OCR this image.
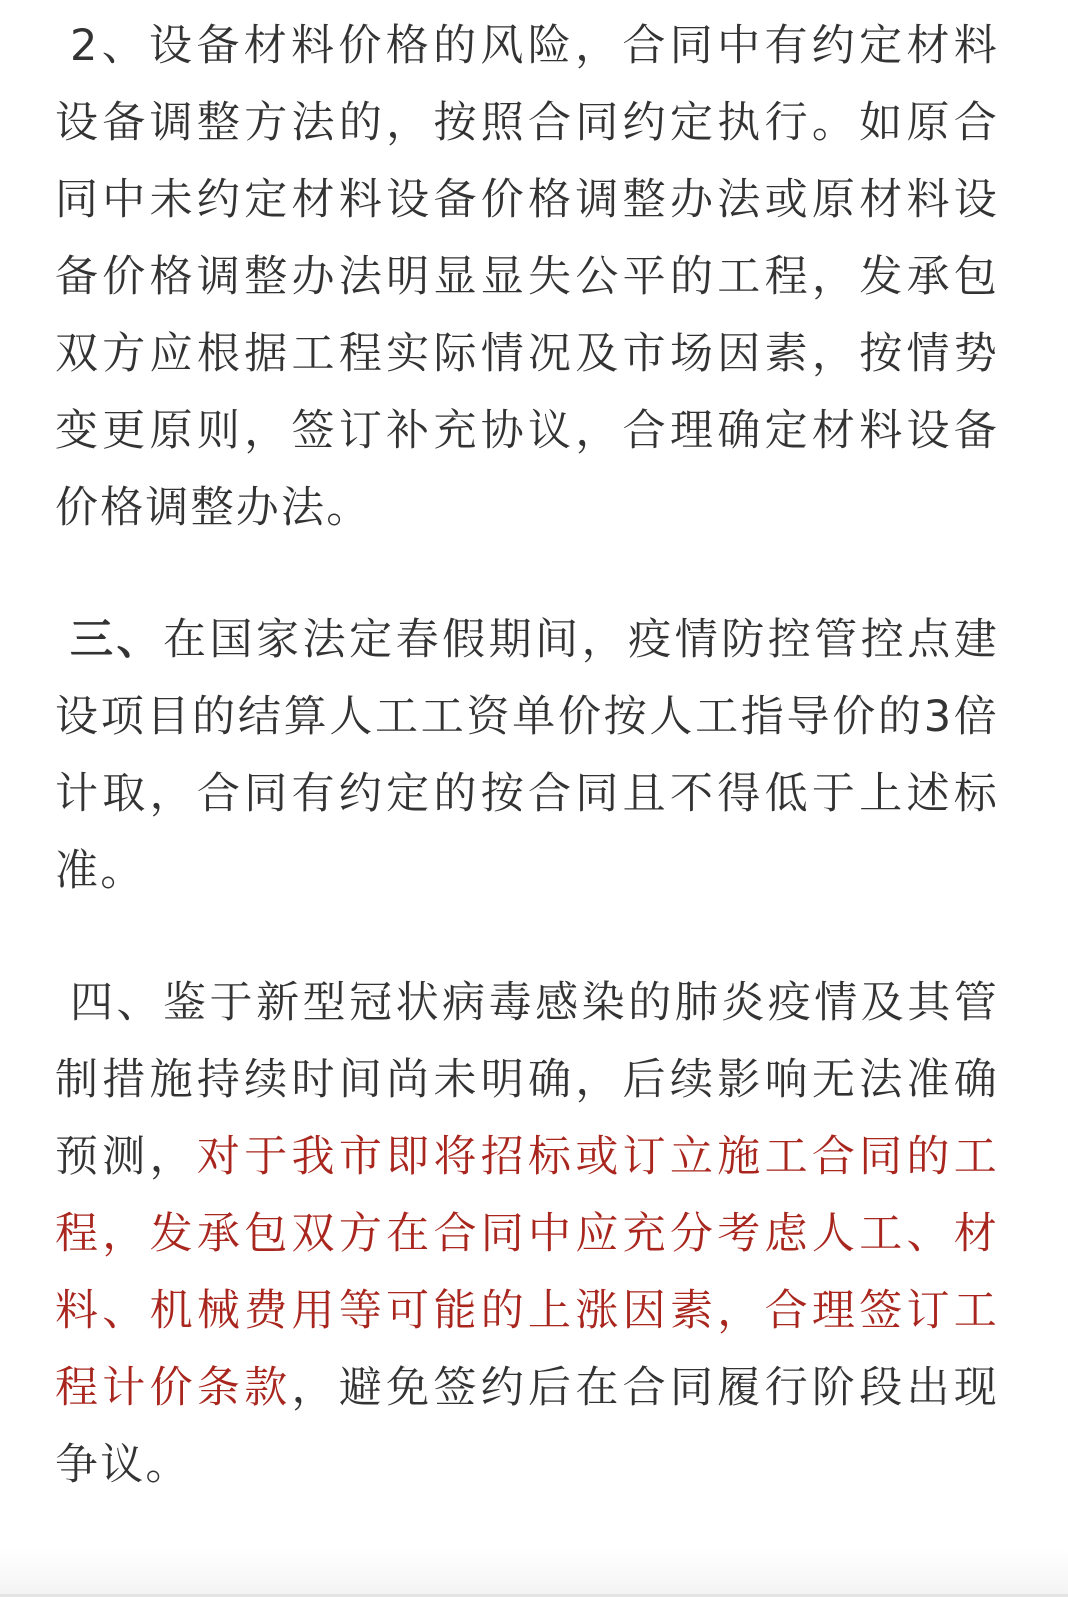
2、设备材料价格的风险，合同中有约定材料设备调整方法的，按照合同约定执行。如原合同中未约定材料设备价格调整办法或原材料设备价格调整办法明显显失公平的工程，发承包双方应根据工程实际情况及市场因素，按情势变更原则，签订补充协议，合理确定材料设备价格调整办法。

三、在国家法定春假期间，疫情防控管控点建设项目的结算人工工资单价按人工指导价的3倍计取，合同有约定的按合同且不得低于上述标准。

四、鉴于新型冠状病毒感染的肺炎疫情及其管制措施持续时间尚未明确，后续影响无法准确预测，对于我市即将招标或订立施工合同的工程，发承包双方在合同中应充分考虑人工、材料、机械费用等可能的上涨因素，合理签订工程计价条款，避免签约后在合同履行阶段出现争议。
